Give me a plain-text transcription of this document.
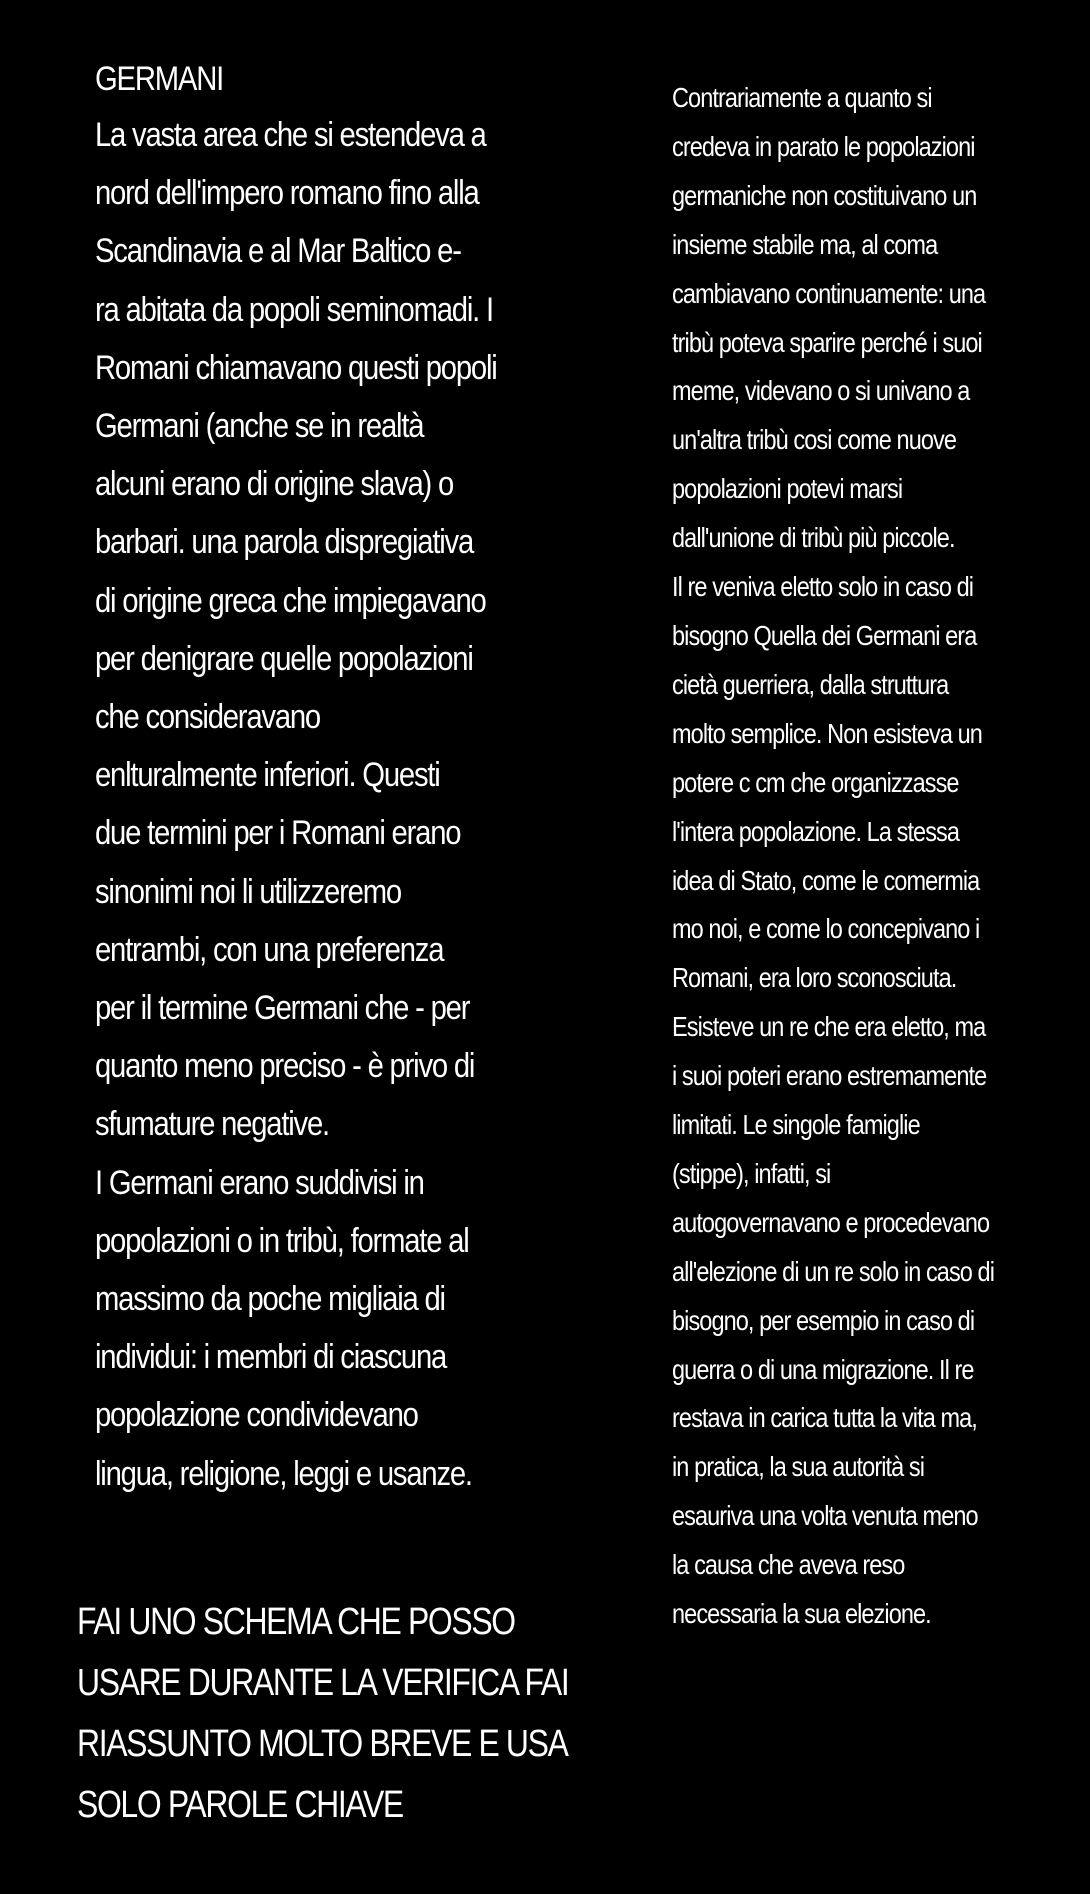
GERMANI
La vasta area che si estendeva a
nord dell'impero romano fino alla
Scandinavia e al Mar Baltico e-
ra abitata da popoli seminomadi. I
Romani chiamavano questi popoli
Germani (anche se in realtà
alcuni erano di origine slava) o
barbari. una parola dispregiativa
di origine greca che impiegavano
per denigrare quelle popolazioni
che consideravano
enlturalmente inferiori. Questi
due termini per i Romani erano
sinonimi noi li utilizzeremo
entrambi, con una preferenza
per il termine Germani che - per
quanto meno preciso - è privo di
sfumature negative.
I Germani erano suddivisi in
popolazioni o in tribù, formate al
massimo da poche migliaia di
individui: i membri di ciascuna
popolazione condividevano
lingua, religione, leggi e usanze.
FAI UNO SCHEMA CHE POSSO
USARE DURANTE LA VERIFICA FAI
RIASSUNTO MOLTO BREVE E USA
SOLO PAROLE CHIAVE
Contrariamente a quanto si
credeva in parato le popolazioni
germaniche non costituivano un
insieme stabile ma, al coma
cambiavano continuamente: una
tribù poteva sparire perché i suoi
meme, videvano o si univano a
un'altra tribù cosi come nuove
popolazioni potevi marsi
dall'unione di tribù più piccole.
Il re veniva eletto solo in caso di
bisogno Quella dei Germani era
cietà guerriera, dalla struttura
molto semplice. Non esisteva un
potere c cm che organizzasse
l'intera popolazione. La stessa
idea di Stato, come le comermia
mo noi, e come lo concepivano i
Romani, era loro sconosciuta.
Esisteve un re che era eletto, ma
i suoi poteri erano estremamente
limitati. Le singole famiglie
(stippe), infatti, si
autogovernavano e procedevano
all'elezione di un re solo in caso di
bisogno, per esempio in caso di
guerra o di una migrazione. Il re
restava in carica tutta la vita ma,
in pratica, la sua autorità si
esauriva una volta venuta meno
la causa che aveva reso
necessaria la sua elezione.
